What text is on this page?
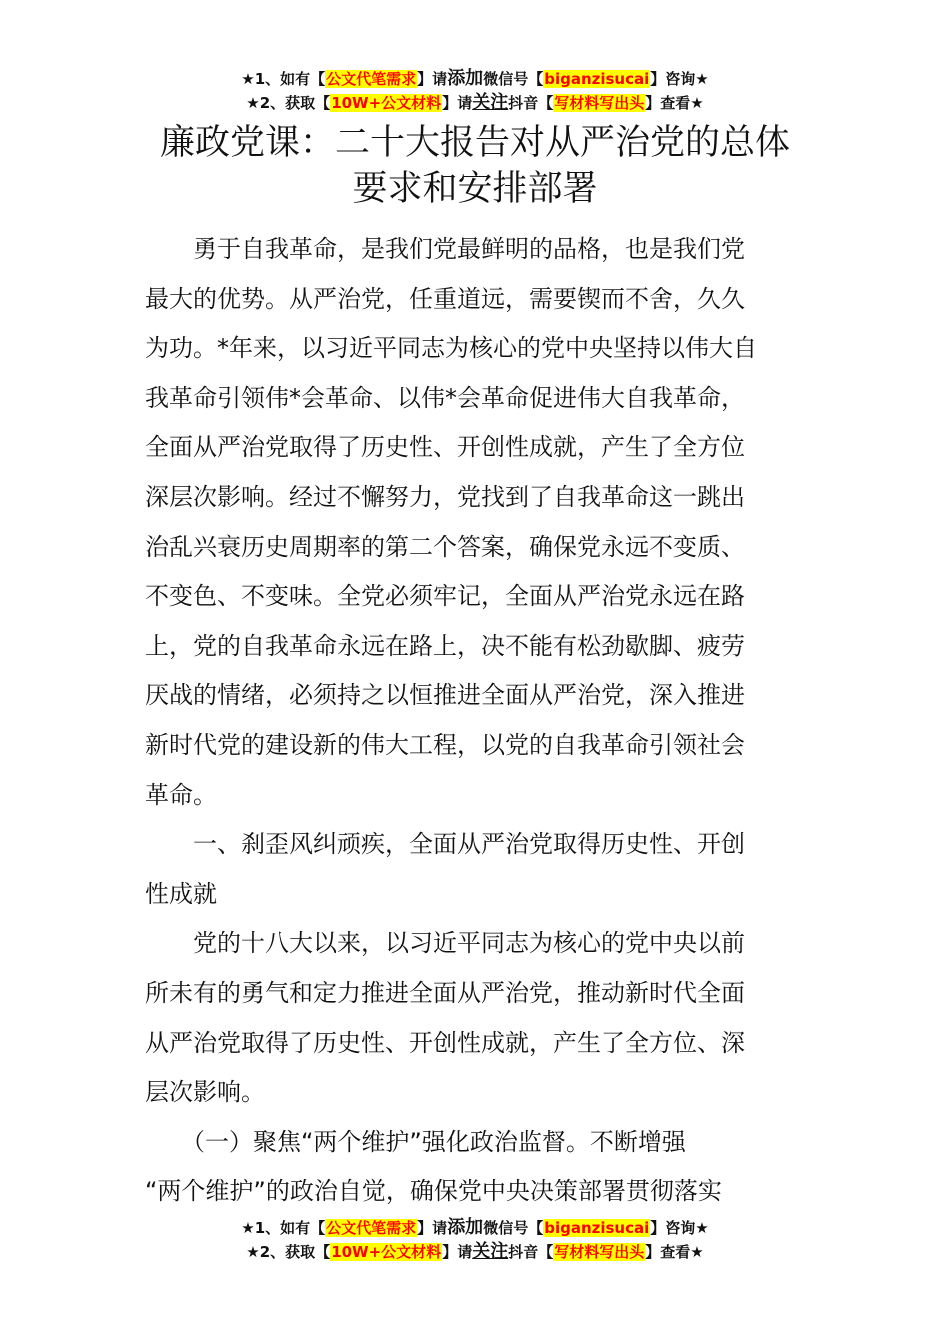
★1、如有【公文代笔需求】请添加微信号【biganzisucai】咨询★
★2、获取【10W+公文材料】请关注抖音【写材料写出头】查看★
廉政党课：二十大报告对从严治党的总体
要求和安排部署
　　勇于自我革命，是我们党最鲜明的品格，也是我们党
最大的优势。从严治党，任重道远，需要锲而不舍，久久
为功。*年来，以习近平同志为核心的党中央坚持以伟大自
我革命引领伟*会革命、以伟*会革命促进伟大自我革命，
全面从严治党取得了历史性、开创性成就，产生了全方位
深层次影响。经过不懈努力，党找到了自我革命这一跳出
治乱兴衰历史周期率的第二个答案，确保党永远不变质、
不变色、不变味。全党必须牢记，全面从严治党永远在路
上，党的自我革命永远在路上，决不能有松劲歇脚、疲劳
厌战的情绪，必须持之以恒推进全面从严治党，深入推进
新时代党的建设新的伟大工程，以党的自我革命引领社会
革命。
　　一、刹歪风纠顽疾，全面从严治党取得历史性、开创
性成就
　　党的十八大以来，以习近平同志为核心的党中央以前
所未有的勇气和定力推进全面从严治党，推动新时代全面
从严治党取得了历史性、开创性成就，产生了全方位、深
层次影响。
　　（一）聚焦“两个维护”强化政治监督。不断增强
“两个维护”的政治自觉，确保党中央决策部署贯彻落实
★1、如有【公文代笔需求】请添加微信号【biganzisucai】咨询★
★2、获取【10W+公文材料】请关注抖音【写材料写出头】查看★
